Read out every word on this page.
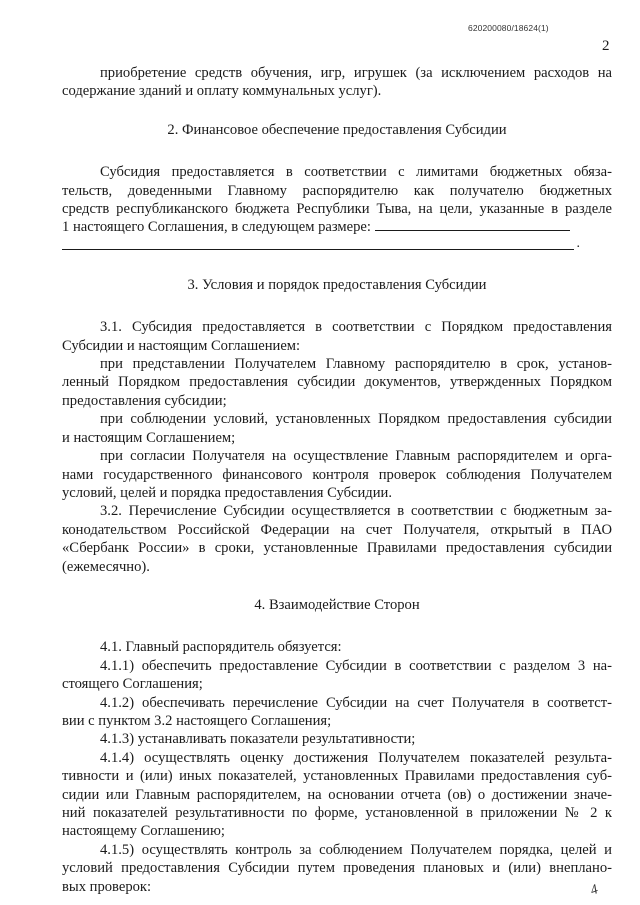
620200080/18624(1)
2

приобретение средств обучения, игр, игрушек (за исключением расходов на
содержание зданий и оплату коммунальных услуг).

2. Финансовое обеспечение предоставления Субсидии

Субсидия предоставляется в соответствии с лимитами бюджетных обяза-
тельств, доведенными Главному распорядителю как получателю бюджетных
средств республиканского бюджета Республики Тыва, на цели, указанные в разделе
1 настоящего Соглашения, в следующем размере:
.

3. Условия и порядок предоставления Субсидии

3.1. Субсидия предоставляется в соответствии с Порядком предоставления
Субсидии и настоящим Соглашением:

при представлении Получателем Главному распорядителю в срок, установ-
ленный Порядком предоставления субсидии документов, утвержденных Порядком
предоставления субсидии;

при соблюдении условий, установленных Порядком предоставления субсидии
и настоящим Соглашением;

при согласии Получателя на осуществление Главным распорядителем и орга-
нами государственного финансового контроля проверок соблюдения Получателем
условий, целей и порядка предоставления Субсидии.

3.2. Перечисление Субсидии осуществляется в соответствии с бюджетным за-
конодательством Российской Федерации на счет Получателя, открытый в ПАО
«Сбербанк России» в сроки, установленные Правилами предоставления субсидии
(ежемесячно).

4. Взаимодействие Сторон

4.1. Главный распорядитель обязуется:

4.1.1) обеспечить предоставление Субсидии в соответствии с разделом 3 на-
стоящего Соглашения;

4.1.2) обеспечивать перечисление Субсидии на счет Получателя в соответст-
вии с пунктом 3.2 настоящего Соглашения;

4.1.3) устанавливать показатели результативности;

4.1.4) осуществлять оценку достижения Получателем показателей результа-
тивности и (или) иных показателей, установленных Правилами предоставления суб-
сидии или Главным распорядителем, на основании отчета (ов) о достижении значе-
ний показателей результативности по форме, установленной в приложении № 2 к
настоящему Соглашению;

4.1.5) осуществлять контроль за соблюдением Получателем порядка, целей и
условий предоставления Субсидии путем проведения плановых и (или) внеплано-
вых проверок:	4
